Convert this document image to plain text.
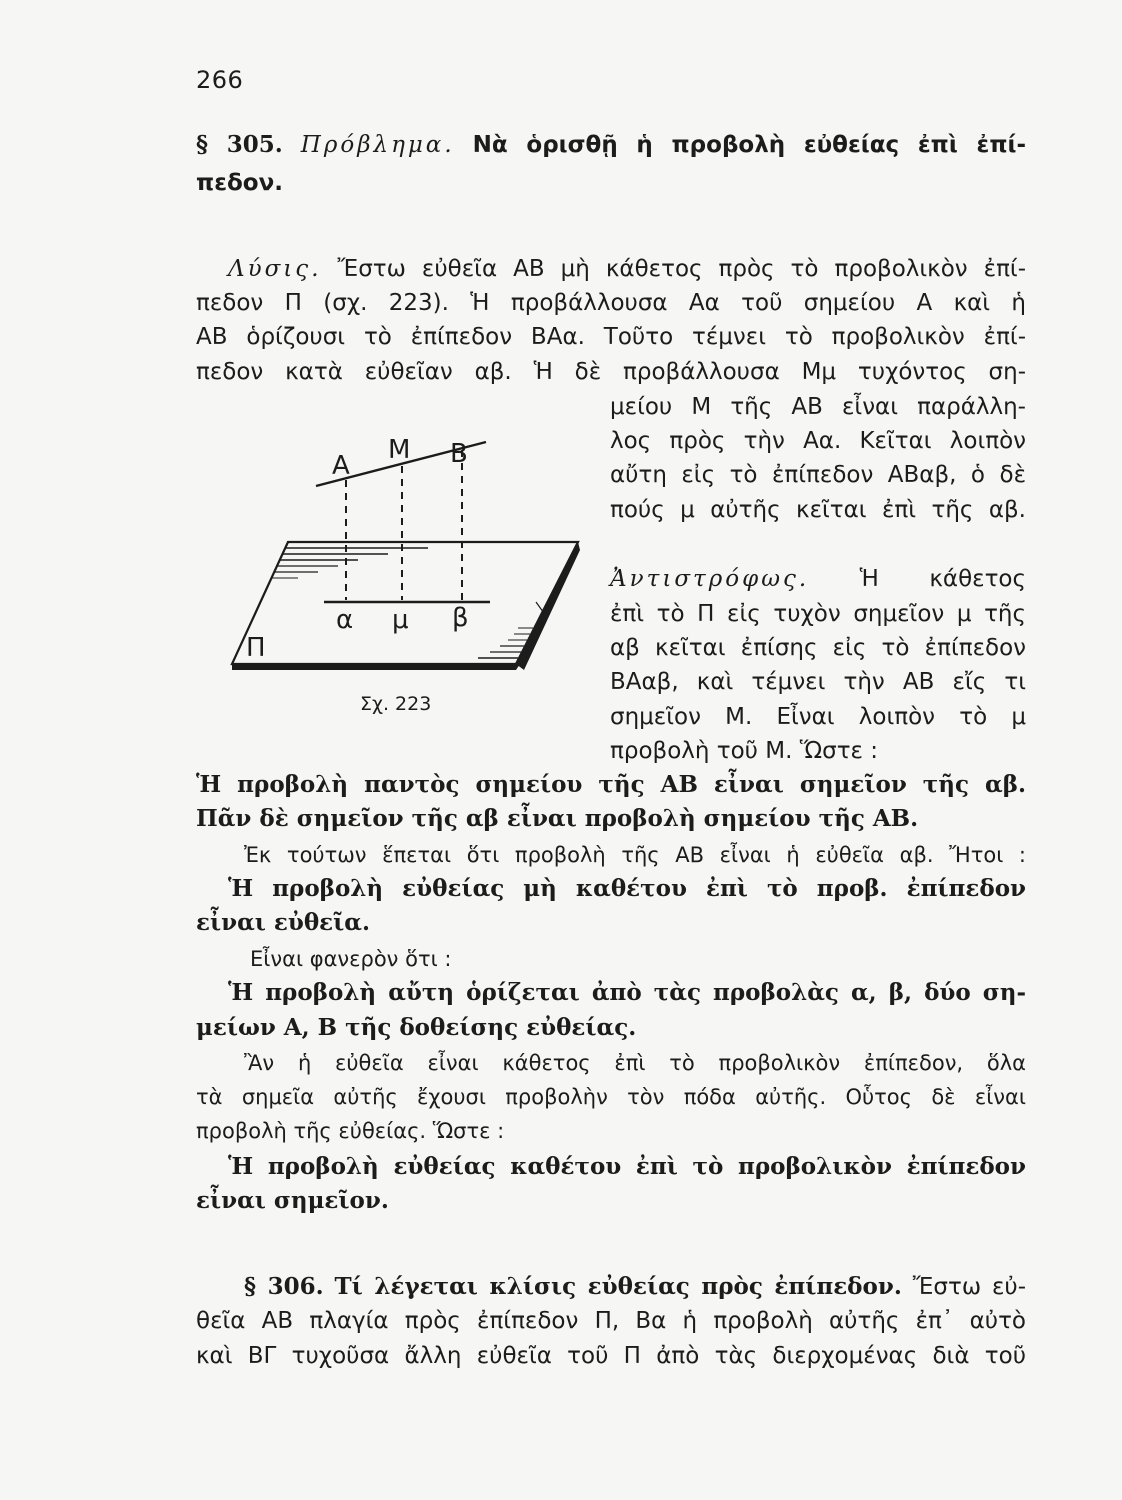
266

§ 305. Πρόβλημα. Νὰ ὁρισθῇ ἡ προβολὴ εὐθείας ἐπὶ ἐπί-

πεδον.

Λύσις. Ἔστω εὐθεῖα ΑΒ μὴ κάθετος πρὸς τὸ προβολικὸν ἐπί-

πεδον Π (σχ. 223). Ἡ προβάλλουσα Αα τοῦ σημείου Α καὶ ἡ

ΑΒ ὁρίζουσι τὸ ἐπίπεδον ΒΑα. Τοῦτο τέμνει τὸ προβολικὸν ἐπί-

πεδον κατὰ εὐθεῖαν αβ. Ἡ δὲ προβάλλουσα Μμ τυχόντος ση-

μείου Μ τῆς ΑΒ εἶναι παράλλη-

λος πρὸς τὴν Αα. Κεῖται λοιπὸν

αὔτη εἰς τὸ ἐπίπεδον ΑΒαβ, ὁ δὲ

πούς μ αὐτῆς κεῖται ἐπὶ τῆς αβ.

Ἀντιστρόφως. Ἡ κάθετος

ἐπὶ τὸ Π εἰς τυχὸν σημεῖον μ τῆς

αβ κεῖται ἐπίσης εἰς τὸ ἐπίπεδον

ΒΑαβ, καὶ τέμνει τὴν ΑΒ εἴς τι

σημεῖον Μ. Εἶναι λοιπὸν τὸ μ

προβολὴ τοῦ Μ. Ὥστε :

Α
Μ Β
α μ β
Π
Σχ. 223

Ἡ προβολὴ παντὸς σημείου τῆς ΑΒ εἶναι σημεῖον τῆς αβ.

Πᾶν δὲ σημεῖον τῆς αβ εἶναι προβολὴ σημείου τῆς ΑΒ.

Ἐκ τούτων ἕπεται ὅτι προβολὴ τῆς ΑΒ εἶναι ἡ εὐθεῖα αβ. Ἤτοι :

Ἡ προβολὴ εὐθείας μὴ καθέτου ἐπὶ τὸ προβ. ἐπίπεδον

εἶναι εὐθεῖα.

Εἶναι φανερὸν ὅτι :

Ἡ προβολὴ αὔτη ὁρίζεται ἀπὸ τὰς προβολὰς α, β, δύο ση-

μείων Α, Β τῆς δοθείσης εὐθείας.

Ἂν ἡ εὐθεῖα εἶναι κάθετος ἐπὶ τὸ προβολικὸν ἐπίπεδον, ὅλα

τὰ σημεῖα αὐτῆς ἔχουσι προβολὴν τὸν πόδα αὐτῆς. Οὗτος δὲ εἶναι

προβολὴ τῆς εὐθείας. Ὥστε :

Ἡ προβολὴ εὐθείας καθέτου ἐπὶ τὸ προβολικὸν ἐπίπεδον

εἶναι σημεῖον.

§ 306. Τί λέγεται κλίσις εὐθείας πρὸς ἐπίπεδον. Ἔστω εὐ-

θεῖα ΑΒ πλαγία πρὸς ἐπίπεδον Π, Βα ἡ προβολὴ αὐτῆς ἐπ᾽ αὐτὸ

καὶ ΒΓ τυχοῦσα ἄλλη εὐθεῖα τοῦ Π ἀπὸ τὰς διερχομένας διὰ τοῦ
